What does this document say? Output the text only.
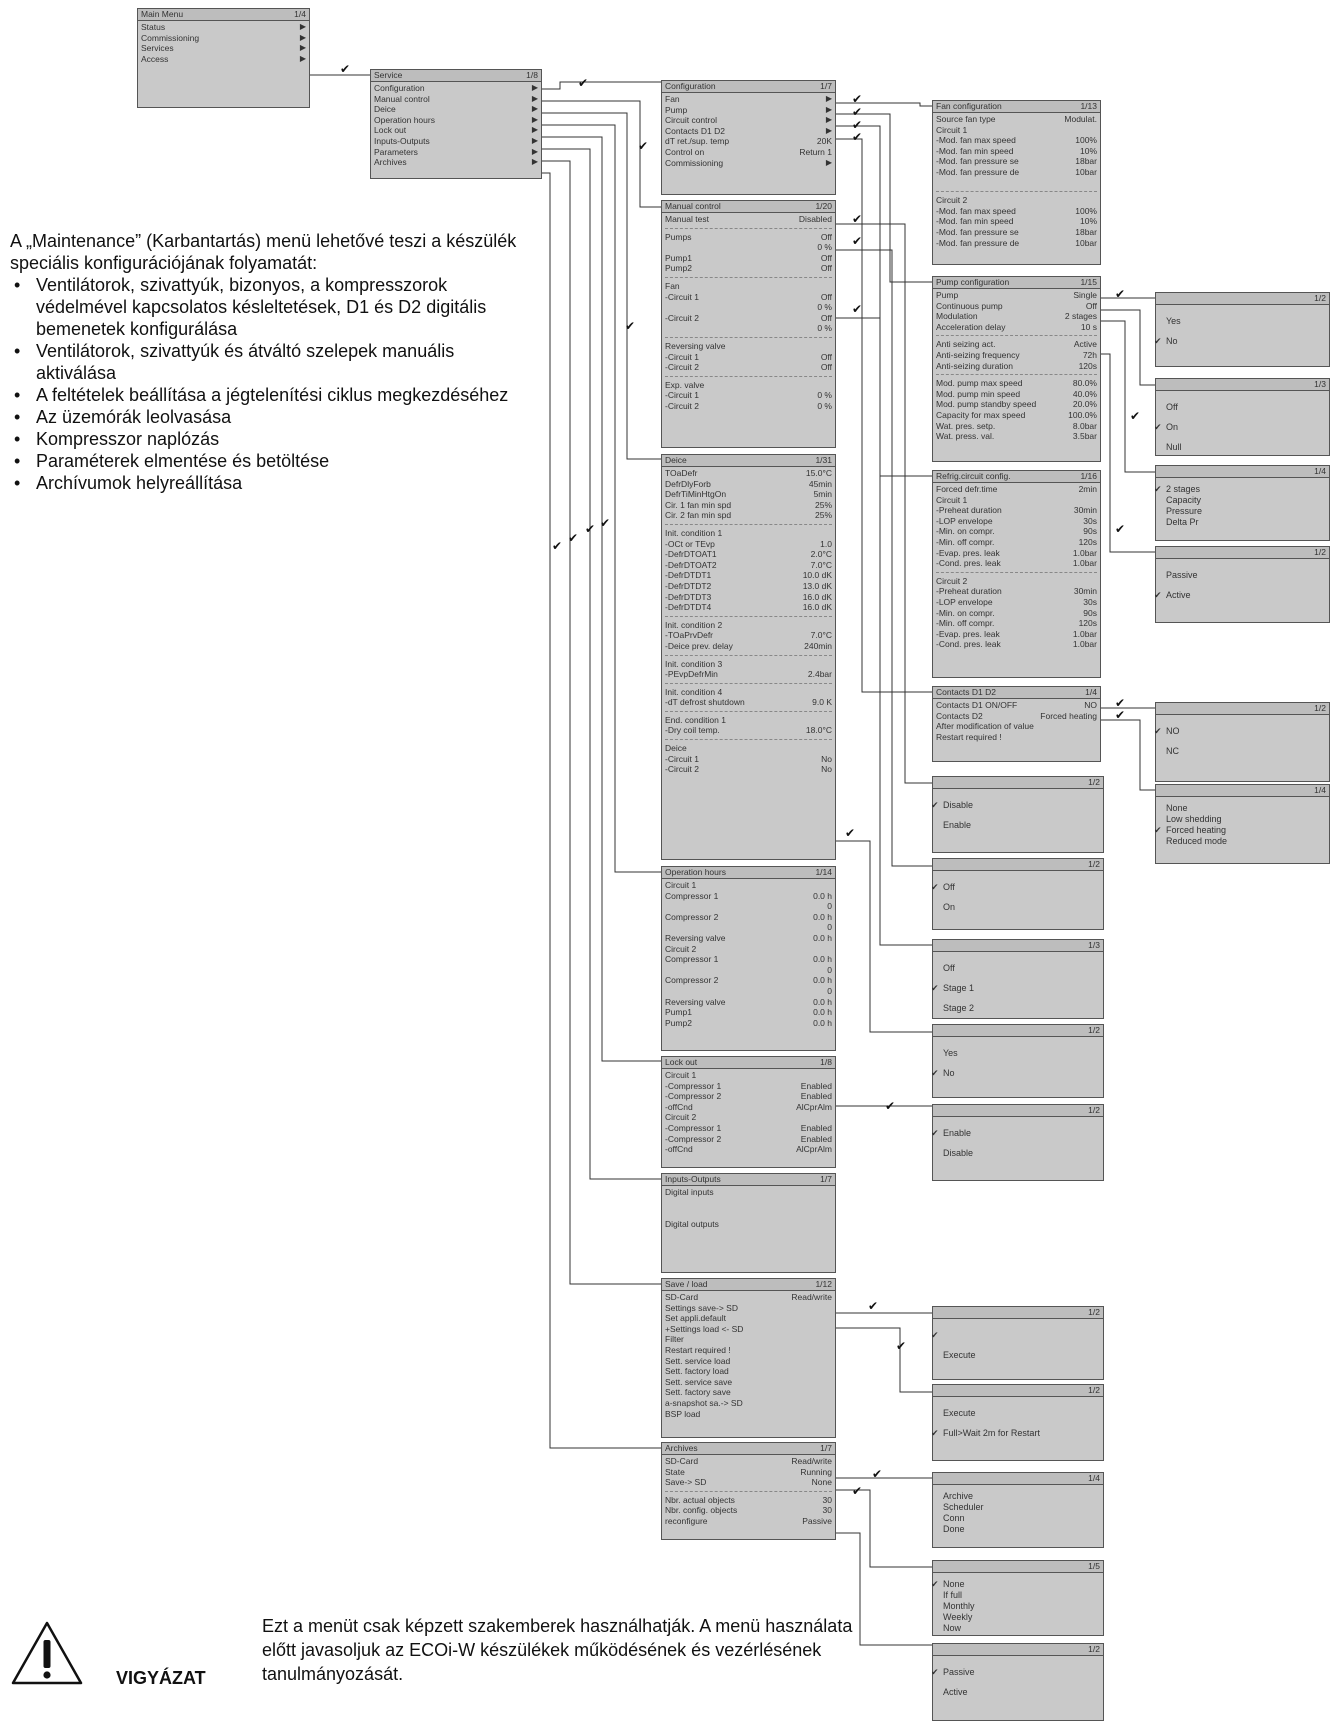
Main Menu	1/4
Status	▶
Commissioning	▶
Services	▶
Access	▶
Service	1/8
Configuration	▶
Manual control	▶
Deice	▶
Operation hours	▶
Lock out	▶
Inputs-Outputs	▶
Parameters	▶
Archives	▶
Configuration	1/7
Fan	▶
Pump	▶
Circuit control	▶
Contacts D1 D2	▶
dT ret./sup. temp	20K
Control on	Return 1
Commissioning	▶
Manual control	1/20
Manual test	Disabled
Pumps	Off
0 %
Pump1	Off
Pump2	Off
Fan
-Circuit 1	Off
0 %
-Circuit 2	Off
0 %
Reversing valve
-Circuit 1	Off
-Circuit 2	Off
Exp. valve
-Circuit 1	0 %
-Circuit 2	0 %
Deice	1/31
TOaDefr	15.0°C
DefrDlyForb	45min
DefrTiMinHtgOn	5min
Cir. 1 fan min spd	25%
Cir. 2 fan min spd	25%
Init. condition 1
-OCt or TEvp	1.0
-DefrDTOAT1	2.0°C
-DefrDTOAT2	7.0°C
-DefrDTDT1	10.0 dK
-DefrDTDT2	13.0 dK
-DefrDTDT3	16.0 dK
-DefrDTDT4	16.0 dK
Init. condition 2
-TOaPrvDefr	7.0°C
-Deice prev. delay	240min
Init. condition 3
-PEvpDefrMin	2.4bar
Init. condition 4
-dT defrost shutdown	9.0 K
End. condition 1
-Dry coil temp.	18.0°C
Deice
-Circuit 1	No
-Circuit 2	No
Operation hours	1/14
Circuit 1
Compressor 1	0.0 h
0
Compressor 2	0.0 h
0
Reversing valve	0.0 h
Circuit 2
Compressor 1	0.0 h
0
Compressor 2	0.0 h
0
Reversing valve	0.0 h
Pump1	0.0 h
Pump2	0.0 h
Lock out	1/8
Circuit 1
-Compressor 1	Enabled
-Compressor 2	Enabled
-offCnd	AlCprAlm
Circuit 2
-Compressor 1	Enabled
-Compressor 2	Enabled
-offCnd	AlCprAlm
Inputs-Outputs	1/7
Digital inputs
Digital outputs
Save / load	1/12
SD-Card	Read/write
Settings save-> SD
Set appli.default
+Settings load <- SD
Filter
Restart required !
Sett. service load
Sett. factory load
Sett. service save
Sett. factory save
a-snapshot sa.-> SD
BSP load
Archives	1/7
SD-Card	Read/write
State	Running
Save-> SD	None
Nbr. actual objects	30
Nbr. config. objects	30
reconfigure	Passive
Fan configuration	1/13
Source fan type	Modulat.
Circuit 1
-Mod. fan max speed	100%
-Mod. fan min speed	10%
-Mod. fan pressure se	18bar
-Mod. fan pressure de	10bar
Circuit 2
-Mod. fan max speed	100%
-Mod. fan min speed	10%
-Mod. fan pressure se	18bar
-Mod. fan pressure de	10bar
Pump configuration	1/15
Pump	Single
Continuous pump	Off
Modulation	2 stages
Acceleration delay	10 s
Anti seizing act.	Active
Anti-seizing frequency	72h
Anti-seizing duration	120s
Mod. pump max speed	80.0%
Mod. pump min speed	40.0%
Mod. pump standby speed	20.0%
Capacity for max speed	100.0%
Wat. pres. setp.	8.0bar
Wat. press. val.	3.5bar
Refrig.circuit config.	1/16
Forced defr.time	2min
Circuit 1
-Preheat duration	30min
-LOP envelope	30s
-Min. on compr.	90s
-Min. off compr.	120s
-Evap. pres. leak	1.0bar
-Cond. pres. leak	1.0bar
Circuit 2
-Preheat duration	30min
-LOP envelope	30s
-Min. on compr.	90s
-Min. off compr.	120s
-Evap. pres. leak	1.0bar
-Cond. pres. leak	1.0bar
Contacts D1 D2	1/4
Contacts D1 ON/OFF	NO
Contacts D2	Forced heating
After modification of value
Restart required !
1/2
Yes
✔ No
1/3
Off
✔ On
Null
1/4
✔ 2 stages
Capacity
Pressure
Delta Pr
1/2
Passive
✔ Active
1/2
✔ NO
NC
1/4
None
Low shedding
✔ Forced heating
Reduced mode
1/2
✔ Disable
Enable
1/2
✔ Off
On
1/3
Off
✔ Stage 1
Stage 2
1/2
Yes
✔ No
1/2
✔ Enable
Disable
1/2
✔
Execute
1/2
Execute
✔ Full>Wait 2m for Restart
1/4
Archive
Scheduler
Conn
Done
1/5
✔ None
If full
Monthly
Weekly
Now
1/2
✔ Passive
Active
✔
✔
✔
✔
✔
✔
✔ ✔
✔
✔
✔
✔
✔
✔
✔
✔
✔
✔
✔
✔
✔
✔
✔
✔
✔
✔
A „Maintenance” (Karbantartás) menü lehetővé teszi a készülék speciális konfigurációjának folyamatát:
• Ventilátorok, szivattyúk, bizonyos, a kompresszorok védelmével kapcsolatos késleltetések, D1 és D2 digitális bemenetek konfigurálása
• Ventilátorok, szivattyúk és átváltó szelepek manuális aktiválása
• A feltételek beállítása a jégtelenítési ciklus megkezdéséhez
• Az üzemórák leolvasása
• Kompresszor naplózás
• Paraméterek elmentése és betöltése
• Archívumok helyreállítása
VIGYÁZAT
Ezt a menüt csak képzett szakemberek használhatják. A menü használata előtt javasoljuk az ECOi-W készülékek működésének és vezérlésének tanulmányozását.
